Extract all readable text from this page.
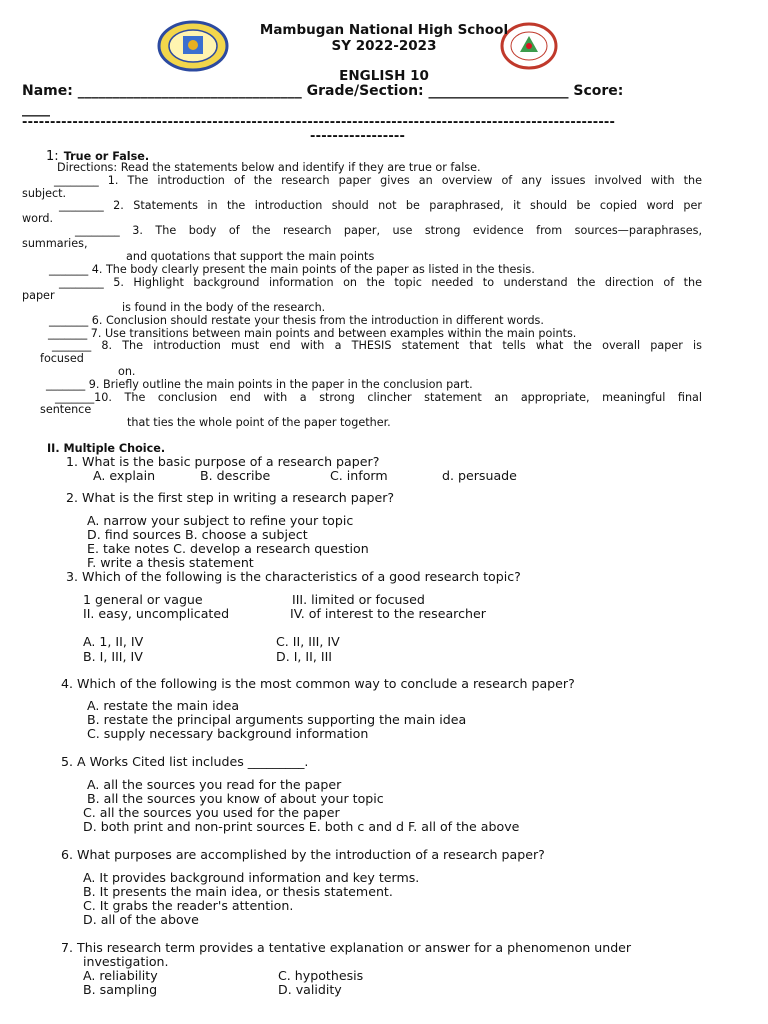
Mambugan National High School
SY 2022-2023
ENGLISH 10
Name: ________________________________ Grade/Section: ____________________ Score:
____
----------------------------------------------------------------------------------------------------------
-----------------
1: True or False.
Directions: Read the statements below and identify if they are true or false.
________ 1. The introduction of the research paper gives an overview of any issues involved with the
subject.
________ 2. Statements in the introduction should not be paraphrased, it should be copied word per
word.
________ 3. The body of the research paper, use strong evidence from sources—paraphrases,
summaries,
and quotations that support the main points
_______ 4. The body clearly present the main points of the paper as listed in the thesis.
________ 5. Highlight background information on the topic needed to understand the direction of the
paper
is found in the body of the research.
_______ 6. Conclusion should restate your thesis from the introduction in different words.
_______ 7. Use transitions between main points and between examples within the main points.
_______ 8. The introduction must end with a THESIS statement that tells what the overall paper is
focused
on.
_______ 9. Briefly outline the main points in the paper in the conclusion part.
_______10. The conclusion end with a strong clincher statement an appropriate, meaningful final
sentence
that ties the whole point of the paper together.
II. Multiple Choice.
1. What is the basic purpose of a research paper?
A. explain	B. describe	C. inform	d. persuade
2. What is the first step in writing a research paper?
A. narrow your subject to refine your topic
D. find sources B. choose a subject
E. take notes C. develop a research question
F. write a thesis statement
3. Which of the following is the characteristics of a good research topic?
1 general or vague	III. limited or focused
II. easy, uncomplicated	IV. of interest to the researcher
A. 1, II, IV	C. II, III, IV
B. I, III, IV	D. I, II, III
4. Which of the following is the most common way to conclude a research paper?
A. restate the main idea
B. restate the principal arguments supporting the main idea
C. supply necessary background information
5. A Works Cited list includes _________.
A. all the sources you read for the paper
B. all the sources you know of about your topic
C. all the sources you used for the paper
D. both print and non-print sources E. both c and d F. all of the above
6. What purposes are accomplished by the introduction of a research paper?
A. It provides background information and key terms.
B. It presents the main idea, or thesis statement.
C. It grabs the reader's attention.
D. all of the above
7. This research term provides a tentative explanation or answer for a phenomenon under
investigation.
A. reliability	C. hypothesis
B. sampling	D. validity
